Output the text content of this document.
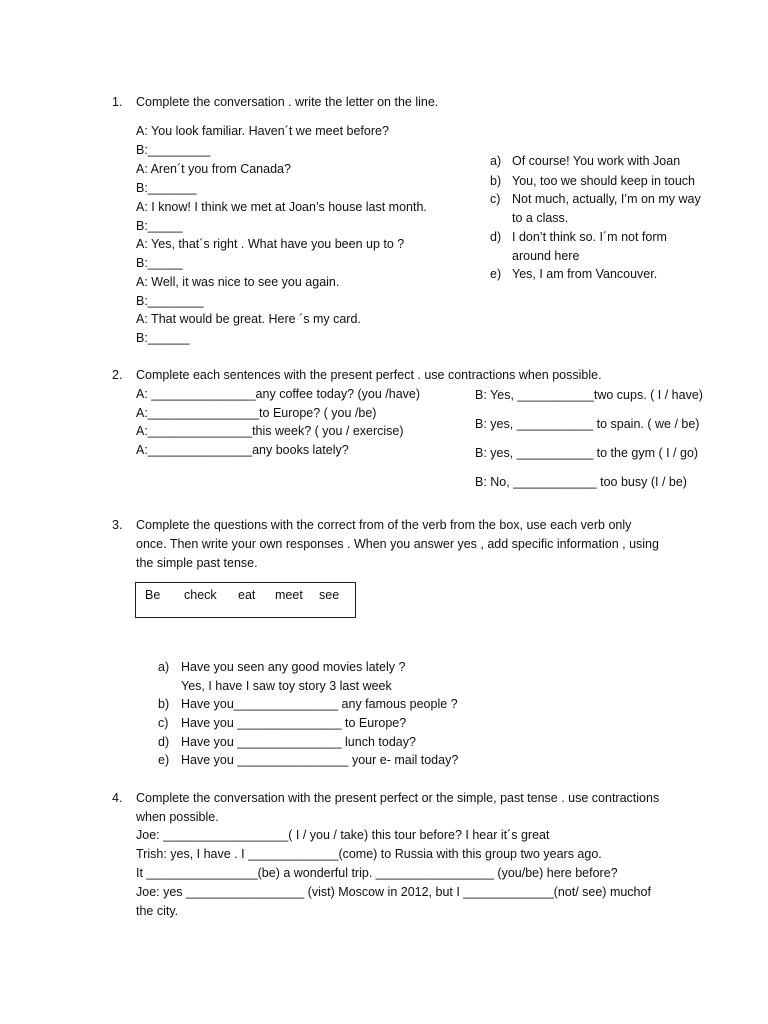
1. Complete the conversation . write the letter on the line.
A: You look familiar. Haven´t we meet before?
B:_________
A: Aren´t you from Canada?
B:_______
A: I know! I think we met at Joan’s house last month.
B:_____
A: Yes, that´s right . What have you been up to ?
B:_____
A: Well, it was nice to see you again.
B:________
A: That would be great. Here ´s my card.
B:______
a) Of course! You work with Joan
b) You, too we should keep in touch
c) Not much, actually, I’m on my way
to a class.
d) I don’t think so. I´m not form
around here
e) Yes, I am from Vancouver.
2. Complete each sentences with the present perfect . use contractions when possible.
A: _______________any coffee today? (you /have)
A:________________to Europe? ( you /be)
A:_______________this week? ( you / exercise)
A:_______________any books lately?
B: Yes, ___________two cups. ( I / have)
B: yes, ___________ to spain. ( we / be)
B: yes, ___________ to the gym ( I / go)
B: No, ____________ too busy (I / be)
3. Complete the questions with the correct from of the verb from the box, use each verb only
once. Then write your own responses . When you answer yes , add specific information , using
the simple past tense.
Be check eat meet see
a) Have you seen any good movies lately ?
Yes, I have I saw toy story 3 last week
b) Have you_______________ any famous people ?
c) Have you _______________ to Europe?
d) Have you _______________ lunch today?
e) Have you ________________ your e- mail today?
4. Complete the conversation with the present perfect or the simple, past tense . use contractions
when possible.
Joe: __________________( I / you / take) this tour before? I hear it´s great
Trish: yes, I have . I _____________(come) to Russia with this group two years ago.
It ________________(be) a wonderful trip. _________________ (you/be) here before?
Joe: yes _________________ (vist) Moscow in 2012, but I _____________(not/ see) muchof
the city.
